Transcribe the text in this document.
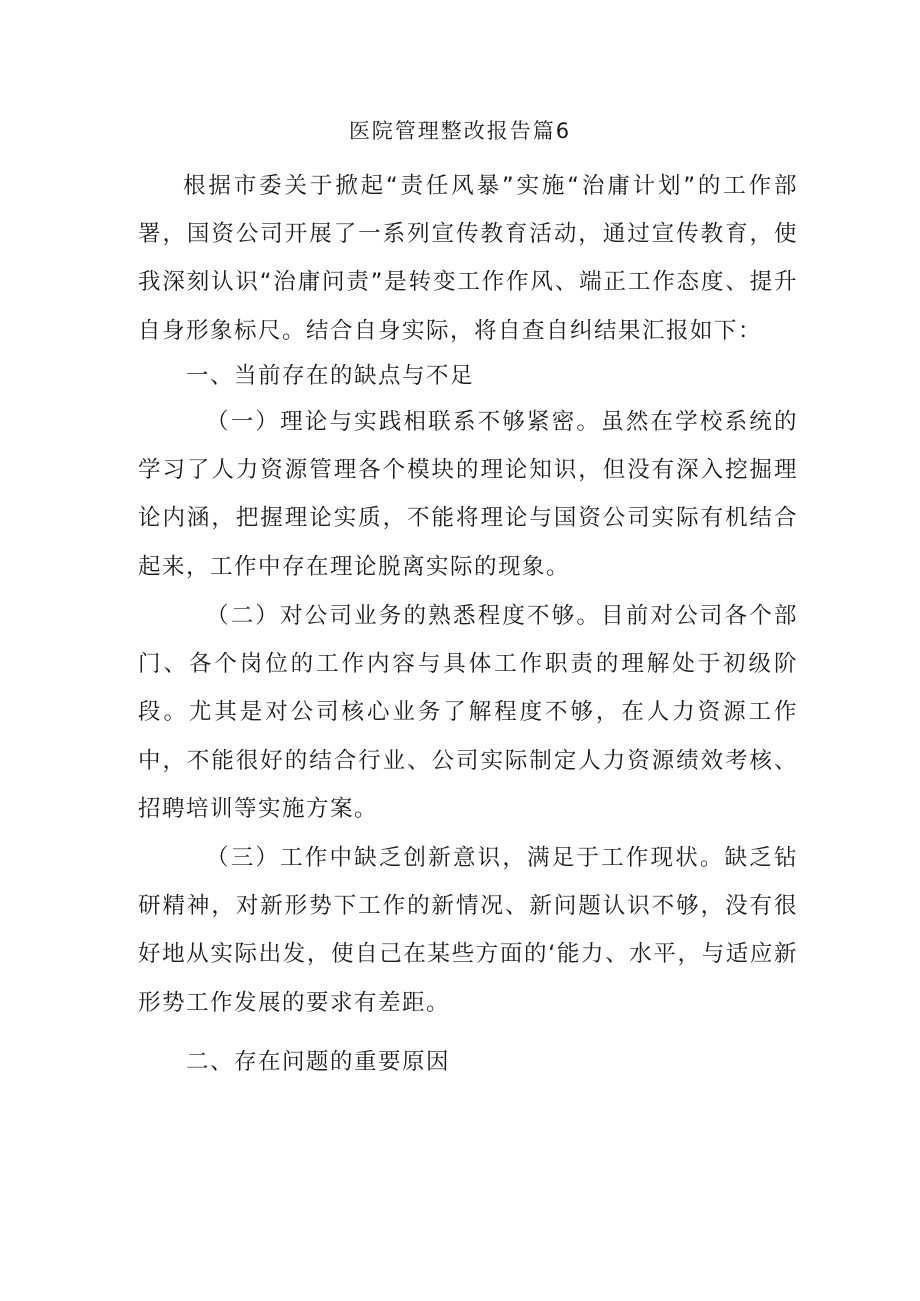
医院管理整改报告篇6

根据市委关于掀起“责任风暴”实施“治庸计划”的工作部署，国资公司开展了一系列宣传教育活动，通过宣传教育，使我深刻认识“治庸问责”是转变工作作风、端正工作态度、提升自身形象标尺。结合自身实际，将自查自纠结果汇报如下：

一、当前存在的缺点与不足

（一）理论与实践相联系不够紧密。虽然在学校系统的学习了人力资源管理各个模块的理论知识，但没有深入挖掘理论内涵，把握理论实质，不能将理论与国资公司实际有机结合起来，工作中存在理论脱离实际的现象。

（二）对公司业务的熟悉程度不够。目前对公司各个部门、各个岗位的工作内容与具体工作职责的理解处于初级阶段。尤其是对公司核心业务了解程度不够，在人力资源工作中，不能很好的结合行业、公司实际制定人力资源绩效考核、招聘培训等实施方案。

（三）工作中缺乏创新意识，满足于工作现状。缺乏钻研精神，对新形势下工作的新情况、新问题认识不够，没有很好地从实际出发，使自己在某些方面的‘能力、水平，与适应新形势工作发展的要求有差距。

二、存在问题的重要原因
